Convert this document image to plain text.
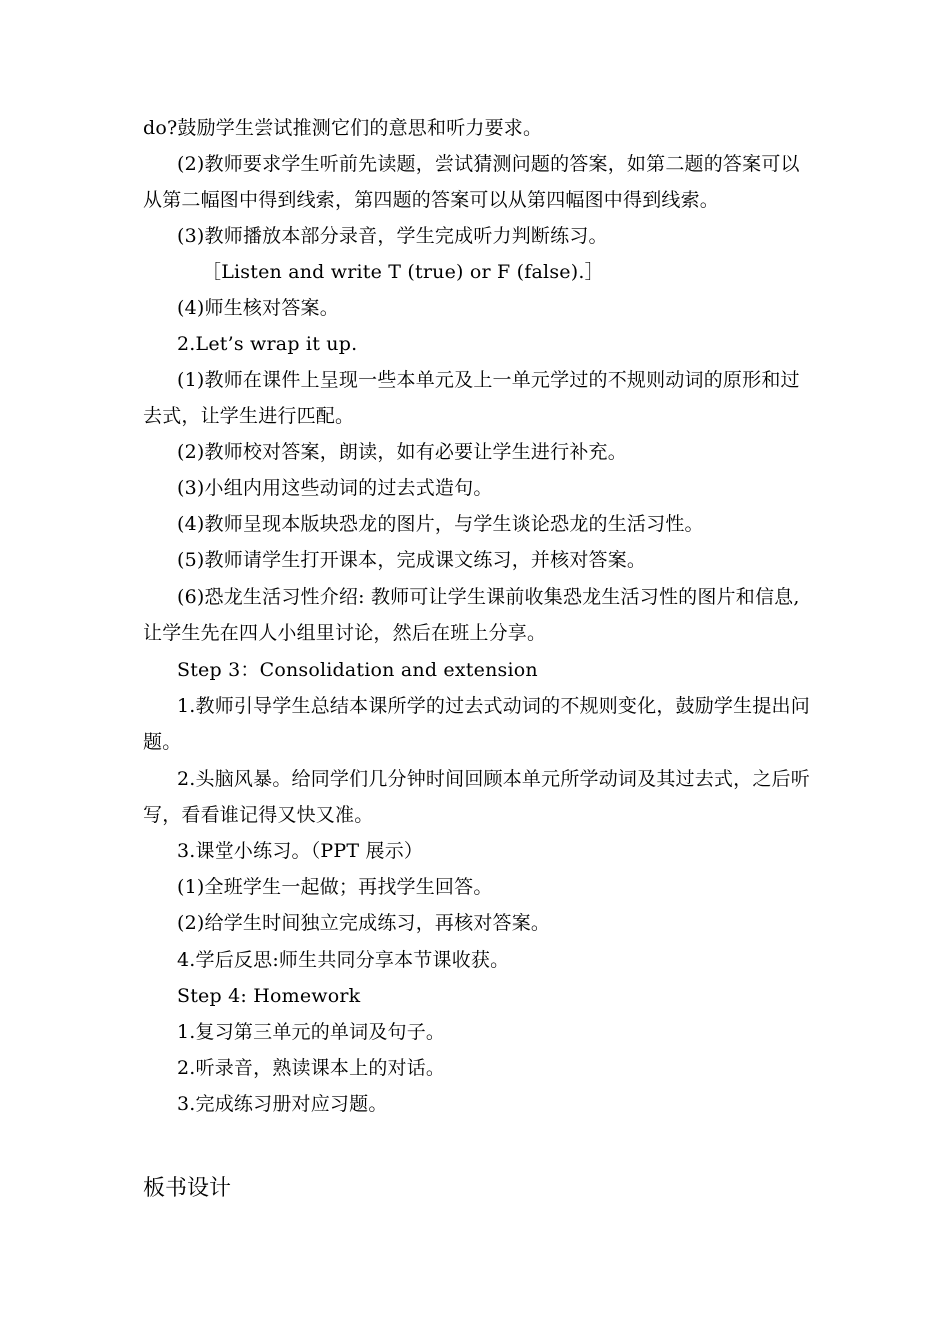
do?鼓励学生尝试推测它们的意思和听力要求。
(2)教师要求学生听前先读题，尝试猜测问题的答案，如第二题的答案可以
从第二幅图中得到线索，第四题的答案可以从第四幅图中得到线索。
(3)教师播放本部分录音，学生完成听力判断练习。
［Listen and write T (true) or F (false).］
(4)师生核对答案。
2.Let’s wrap it up.
(1)教师在课件上呈现一些本单元及上一单元学过的不规则动词的原形和过
去式，让学生进行匹配。
(2)教师校对答案，朗读，如有必要让学生进行补充。
(3)小组内用这些动词的过去式造句。
(4)教师呈现本版块恐龙的图片，与学生谈论恐龙的生活习性。
(5)教师请学生打开课本，完成课文练习，并核对答案。
(6)恐龙生活习性介绍: 教师可让学生课前收集恐龙生活习性的图片和信息,
让学生先在四人小组里讨论，然后在班上分享。
Step 3：Consolidation and extension
1.教师引导学生总结本课所学的过去式动词的不规则变化，鼓励学生提出问
题。
2.头脑风暴。给同学们几分钟时间回顾本单元所学动词及其过去式，之后听
写，看看谁记得又快又准。
3.课堂小练习。（PPT 展示）
(1)全班学生一起做；再找学生回答。
(2)给学生时间独立完成练习，再核对答案。
4.学后反思:师生共同分享本节课收获。
Step 4: Homework
1.复习第三单元的单词及句子。
2.听录音，熟读课本上的对话。
3.完成练习册对应习题。
板书设计
